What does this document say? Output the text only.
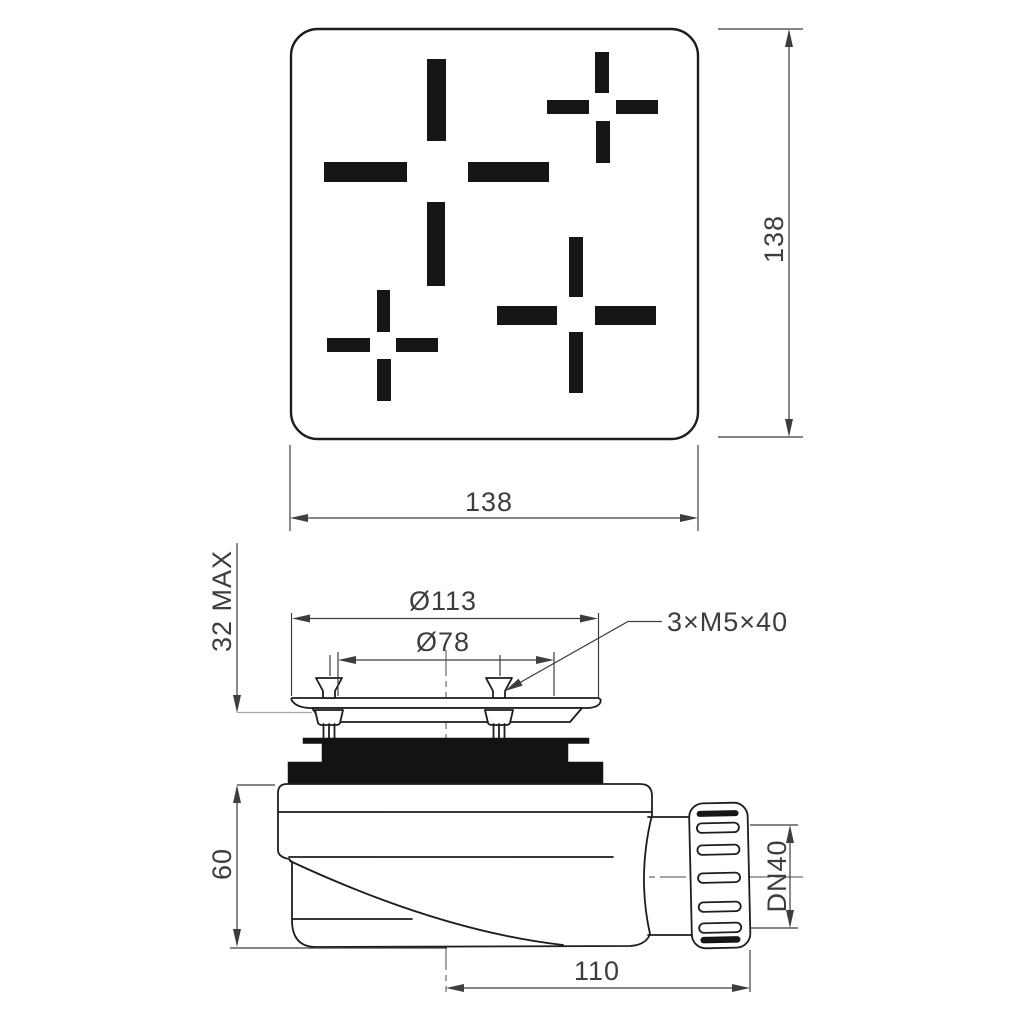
138
138
32 MAX	Ø113
Ø78
3×M5×40
60	DN40
110
